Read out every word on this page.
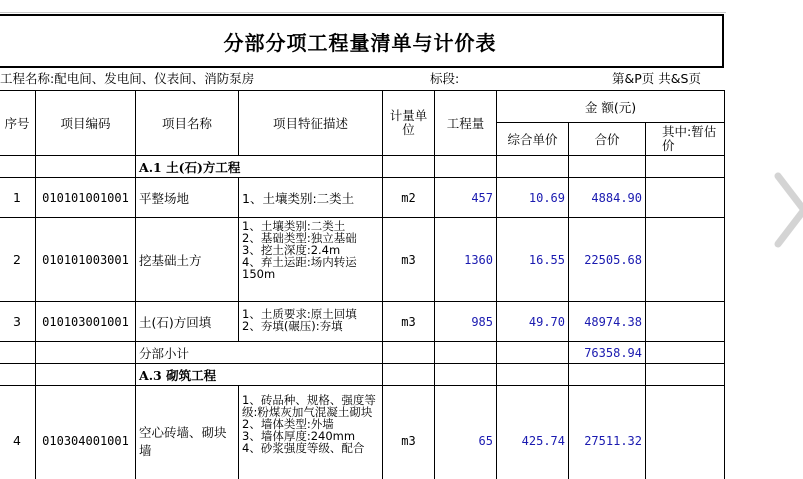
分部分项工程量清单与计价表
工程名称:配电间、发电间、仪表间、消防泵房	标段:	第&P页 共&S页
序号	项目编码	项目名称	项目特征描述	计量单位	工程量	金 额(元)		
						综合单价	合价	其中:暂估价
		A.1 土(石)方工程						
1	010101001001	平整场地	1、土壤类别:二类土	m2	457	10.69	4884.90	
2	010101003001	挖基础土方	1、土壤类别:二类土
2、基础类型:独立基础
3、挖土深度:2.4m
4、弃土运距:场内转运150m	m3	1360	16.55	22505.68	
3	010103001001	土(石)方回填	1、土质要求:原土回填
2、夯填(碾压):夯填	m3	985	49.70	48974.38	
		分部小计					76358.94	
		A.3 砌筑工程						
4	010304001001	空心砖墙、砌块墙	1、砖品种、规格、强度等级:粉煤灰加气混凝土砌块
2、墙体类型:外墙
3、墙体厚度:240mm
4、砂浆强度等级、配合	m3	65	425.74	27511.32	
